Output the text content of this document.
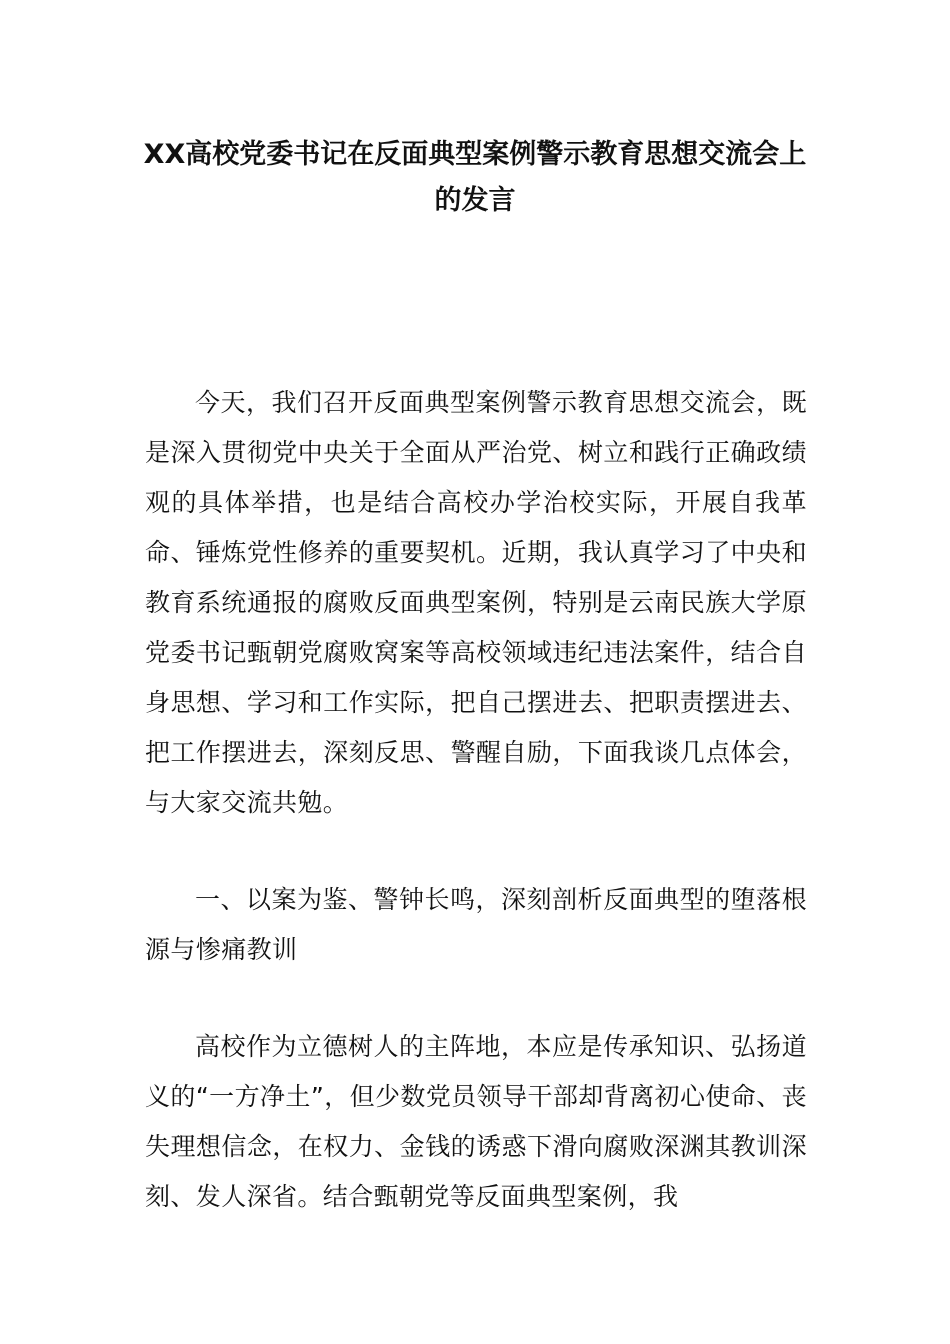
XX高校党委书记在反面典型案例警示教育思想交流会上的发言

今天，我们召开反面典型案例警示教育思想交流会，既是深入贯彻党中央关于全面从严治党、树立和践行正确政绩观的具体举措，也是结合高校办学治校实际，开展自我革命、锤炼党性修养的重要契机。近期，我认真学习了中央和教育系统通报的腐败反面典型案例，特别是云南民族大学原党委书记甄朝党腐败窝案等高校领域违纪违法案件，结合自身思想、学习和工作实际，把自己摆进去、把职责摆进去、把工作摆进去，深刻反思、警醒自励，下面我谈几点体会，与大家交流共勉。

一、以案为鉴、警钟长鸣，深刻剖析反面典型的堕落根源与惨痛教训

高校作为立德树人的主阵地，本应是传承知识、弘扬道义的“一方净土”，但少数党员领导干部却背离初心使命、丧失理想信念，在权力、金钱的诱惑下滑向腐败深渊其教训深刻、发人深省。结合甄朝党等反面典型案例，我
